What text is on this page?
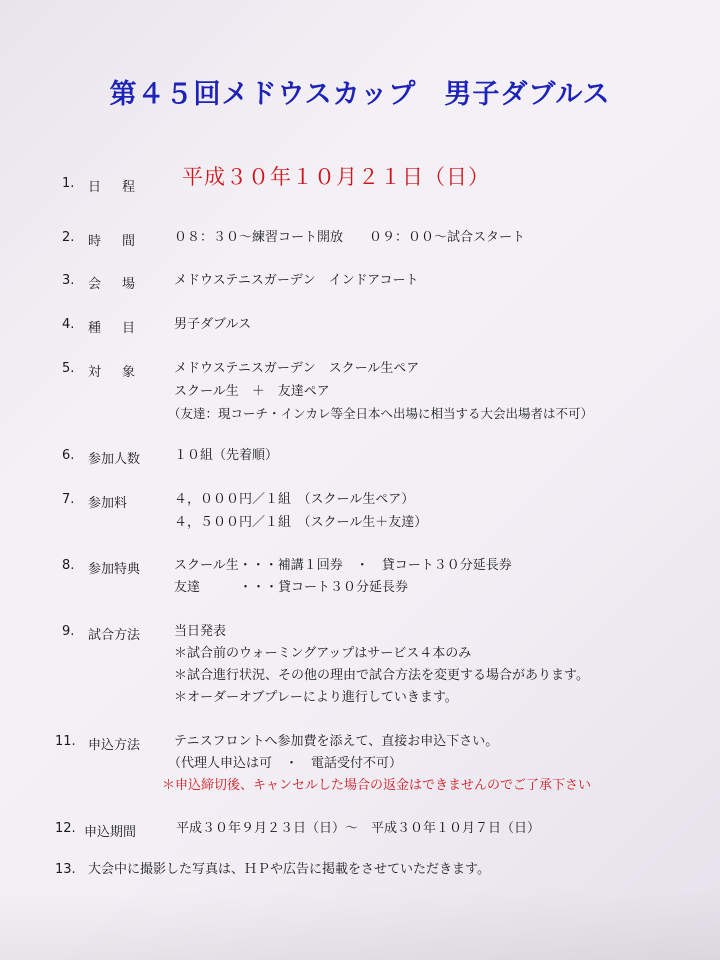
第４５回メドウスカップ　男子ダブルス
1. 日　程 平成３０年１０月２１日（日）
2. 時　間	０８：３０〜練習コート開放　　０９：００〜試合スタート
3. 会　場	メドウステニスガーデン　インドアコート
4. 種　目	男子ダブルス
5. 対　象	メドウステニスガーデン　スクール生ペア
スクール生　＋　友達ペア
（友達：現コーチ・インカレ等全日本へ出場に相当する大会出場者は不可）
6. 参加人数	１０組（先着順）
7. 参加料	４，０００円／１組　（スクール生ペア）
４，５００円／１組　（スクール生＋友達）
8. 参加特典	スクール生・・・補講１回券　・　貸コート３０分延長券
友達　　　・・・貸コート３０分延長券
9. 試合方法	当日発表
＊試合前のウォーミングアップはサービス４本のみ
＊試合進行状況、その他の理由で試合方法を変更する場合があります。
＊オーダーオブプレーにより進行していきます。
11. 申込方法	テニスフロントへ参加費を添えて、直接お申込下さい。
（代理人申込は可　・　電話受付不可）
＊申込締切後、キャンセルした場合の返金はできませんのでご了承下さい
12. 申込期間	平成３０年９月２３日（日）〜　平成３０年１０月７日（日）
13. 大会中に撮影した写真は、ＨＰや広告に掲載をさせていただきます。
